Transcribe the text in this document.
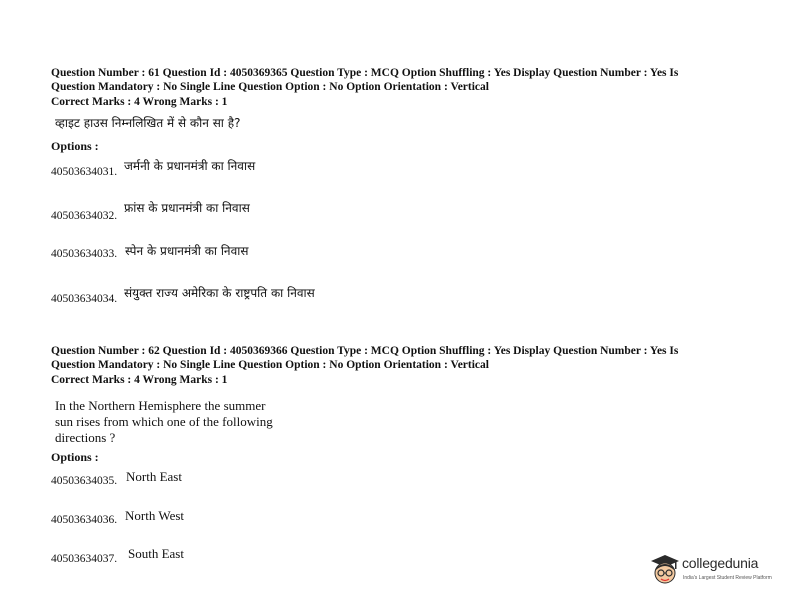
Question Number : 61 Question Id : 4050369365 Question Type : MCQ Option Shuffling : Yes Display Question Number : Yes Is
Question Mandatory : No Single Line Question Option : No Option Orientation : Vertical
Correct Marks : 4 Wrong Marks : 1
व्हाइट हाउस निम्नलिखित में से कौन सा है?
Options :
40503634031. जर्मनी के प्रधानमंत्री का निवास
40503634032.
फ्रांस के प्रधानमंत्री का निवास
40503634033. स्पेन के प्रधानमंत्री का निवास
40503634034. संयुक्त राज्य अमेरिका के राष्ट्रपति का निवास
Question Number : 62 Question Id : 4050369366 Question Type : MCQ Option Shuffling : Yes Display Question Number : Yes Is
Question Mandatory : No Single Line Question Option : No Option Orientation : Vertical
Correct Marks : 4 Wrong Marks : 1
In the Northern Hemisphere the summer
sun rises from which one of the following
directions ?
Options :
40503634035. North East
40503634036. North West
40503634037. South East
collegedunia
India's Largest Student Review Platform
